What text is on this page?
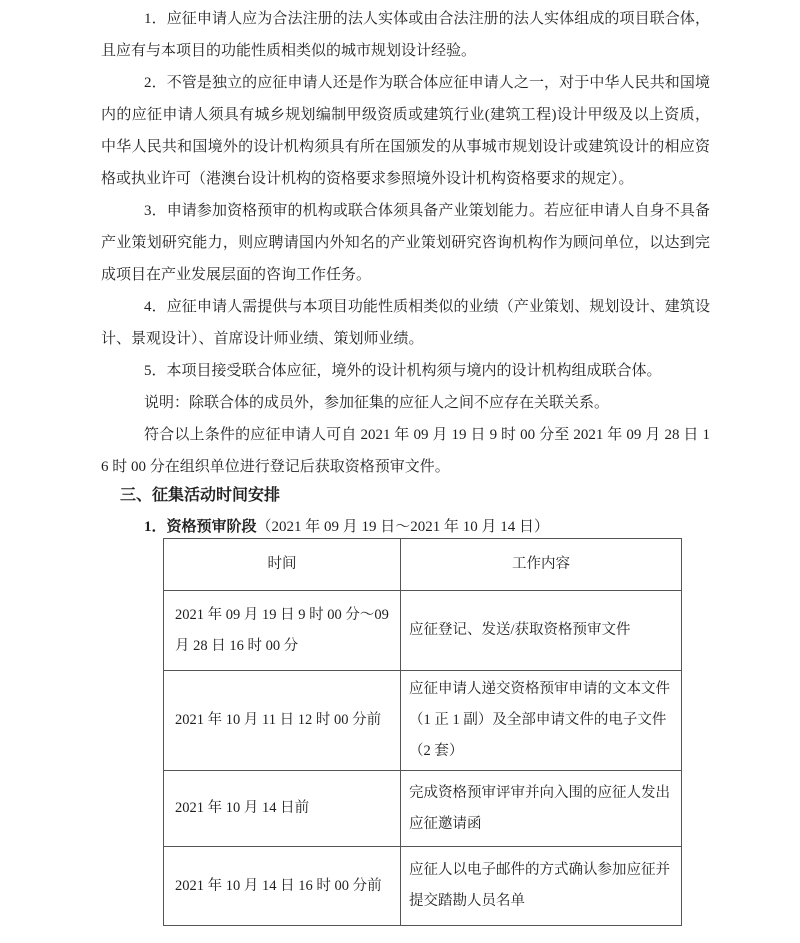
1．应征申请人应为合法注册的法人实体或由合法注册的法人实体组成的项目联合体，且应有与本项目的功能性质相类似的城市规划设计经验。

2．不管是独立的应征申请人还是作为联合体应征申请人之一，对于中华人民共和国境内的应征申请人须具有城乡规划编制甲级资质或建筑行业(建筑工程)设计甲级及以上资质，中华人民共和国境外的设计机构须具有所在国颁发的从事城市规划设计或建筑设计的相应资格或执业许可（港澳台设计机构的资格要求参照境外设计机构资格要求的规定）。

3．申请参加资格预审的机构或联合体须具备产业策划能力。若应征申请人自身不具备产业策划研究能力，则应聘请国内外知名的产业策划研究咨询机构作为顾问单位，以达到完成项目在产业发展层面的咨询工作任务。

4．应征申请人需提供与本项目功能性质相类似的业绩（产业策划、规划设计、建筑设计、景观设计）、首席设计师业绩、策划师业绩。

5．本项目接受联合体应征，境外的设计机构须与境内的设计机构组成联合体。

说明：除联合体的成员外，参加征集的应征人之间不应存在关联关系。

符合以上条件的应征申请人可自 2021 年 09 月 19 日 9 时 00 分至 2021 年 09 月 28 日 16 时 00 分在组织单位进行登记后获取资格预审文件。

三、征集活动时间安排

1．资格预审阶段（2021 年 09 月 19 日～2021 年 10 月 14 日）

时间	工作内容
2021 年 09 月 19 日 9 时 00 分～09 月 28 日 16 时 00 分	应征登记、发送/获取资格预审文件
2021 年 10 月 11 日 12 时 00 分前	应征申请人递交资格预审申请的文本文件（1 正 1 副）及全部申请文件的电子文件（2 套）
2021 年 10 月 14 日前	完成资格预审评审并向入围的应征人发出应征邀请函
2021 年 10 月 14 日 16 时 00 分前	应征人以电子邮件的方式确认参加应征并提交踏勘人员名单
